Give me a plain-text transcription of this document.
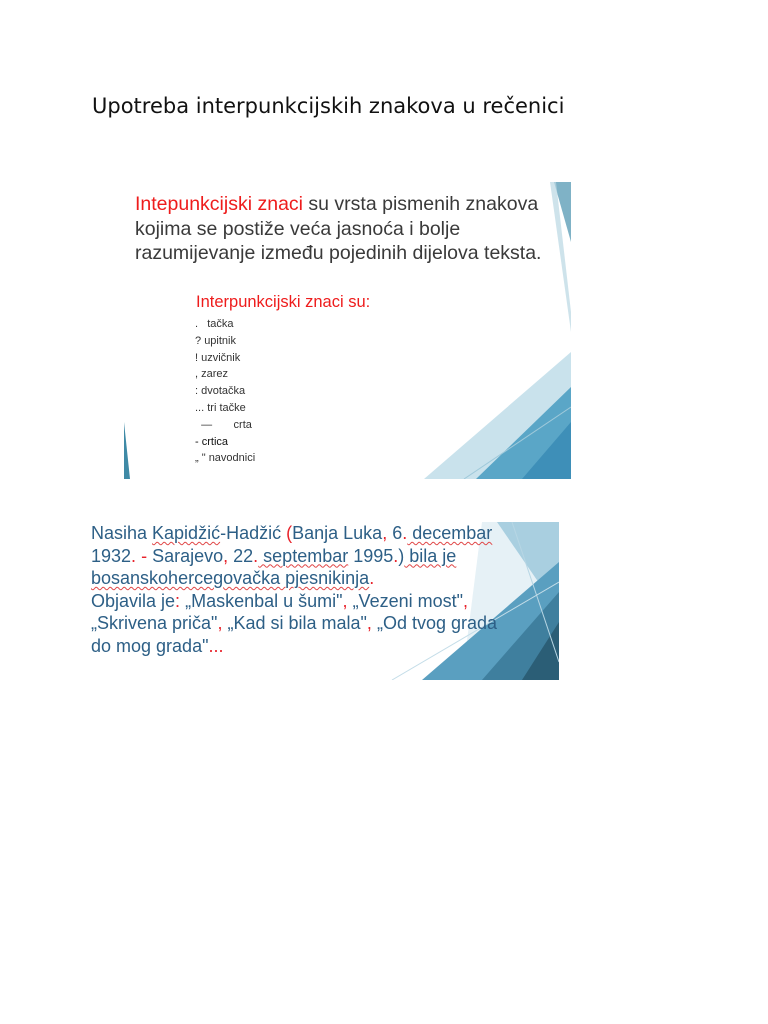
Upotreba interpunkcijskih znakova u rečenici
Intepunkcijski znaci su vrsta pismenih znakova kojima se postiže veća jasnoća i bolje razumijevanje između pojedinih dijelova teksta.
Interpunkcijski znaci su:
. tačka
? upitnik
! uzvičnik
, zarez
: dvotačka
... tri tačke
— crta
- crtica
„ " navodnici
Nasiha Kapidžić-Hadžić (Banja Luka, 6. decembar
1932. - Sarajevo, 22. septembar 1995.) bila je
bosanskohercegovačka pjesnikinja.
Objavila je: „Maskenbal u šumi", „Vezeni most",
„Skrivena priča", „Kad si bila mala", „Od tvog grada
do mog grada"...
